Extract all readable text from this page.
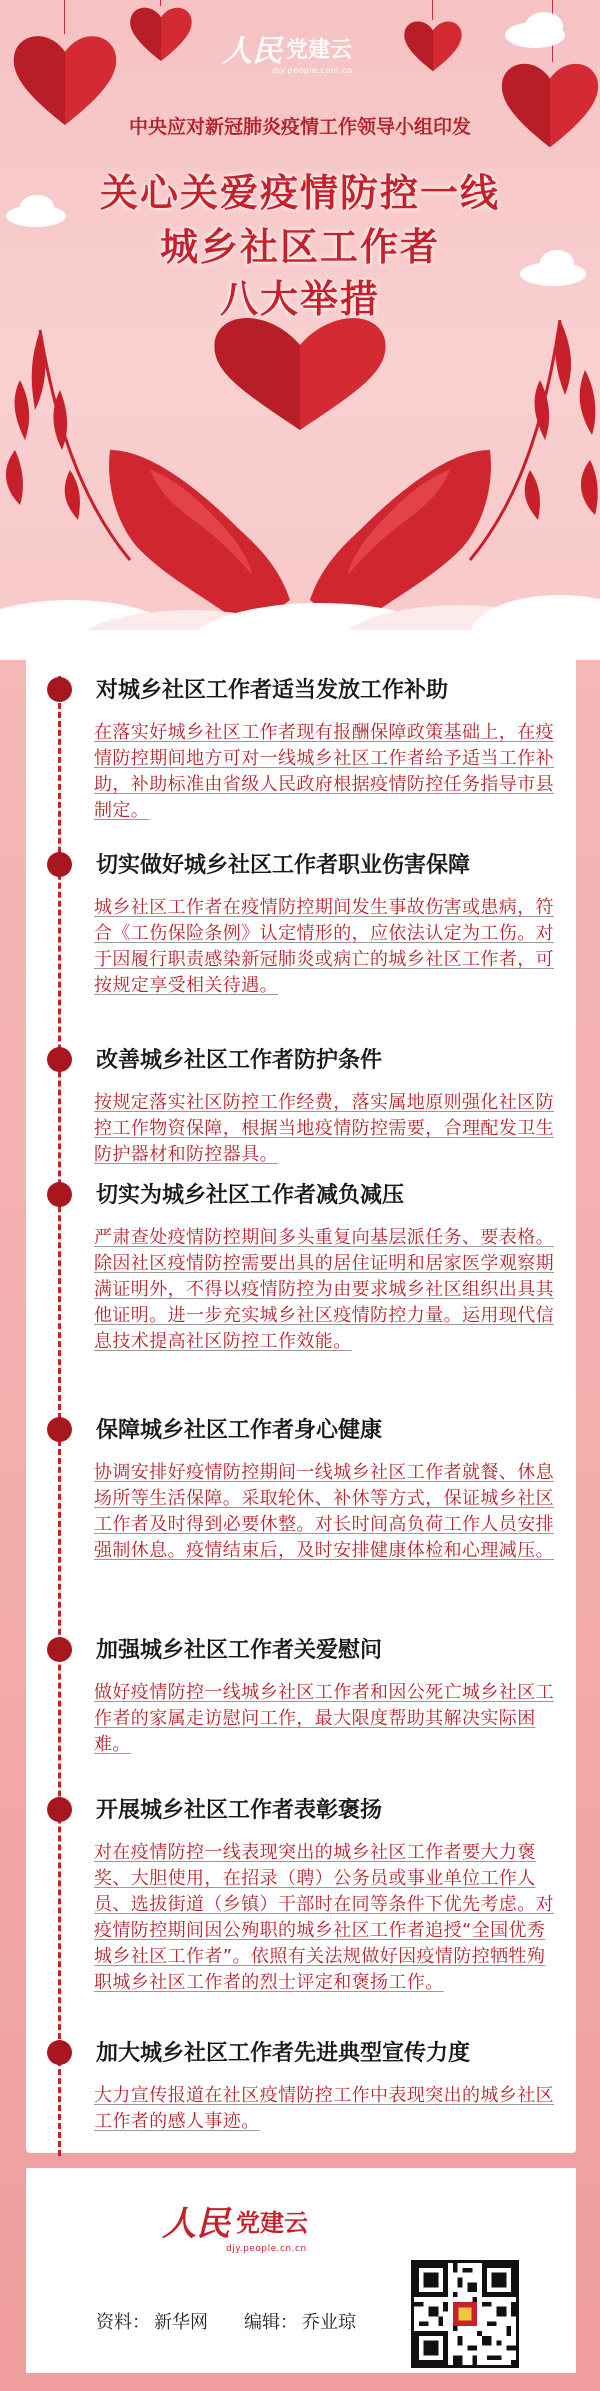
人民 党建云
djy.people.com.cn
中央应对新冠肺炎疫情工作领导小组印发
关心关爱疫情防控一线
城乡社区工作者
八大举措
对城乡社区工作者适当发放工作补助
在落实好城乡社区工作者现有报酬保障政策基础上，在疫情防控期间地方可对一线城乡社区工作者给予适当工作补助，补助标准由省级人民政府根据疫情防控任务指导市县制定。
切实做好城乡社区工作者职业伤害保障
城乡社区工作者在疫情防控期间发生事故伤害或患病，符合《工伤保险条例》认定情形的，应依法认定为工伤。对于因履行职责感染新冠肺炎或病亡的城乡社区工作者，可按规定享受相关待遇。
改善城乡社区工作者防护条件
按规定落实社区防控工作经费，落实属地原则强化社区防控工作物资保障，根据当地疫情防控需要，合理配发卫生防护器材和防控器具。
切实为城乡社区工作者减负减压
严肃查处疫情防控期间多头重复向基层派任务、要表格。除因社区疫情防控需要出具的居住证明和居家医学观察期满证明外，不得以疫情防控为由要求城乡社区组织出具其他证明。进一步充实城乡社区疫情防控力量。运用现代信息技术提高社区防控工作效能。
保障城乡社区工作者身心健康
协调安排好疫情防控期间一线城乡社区工作者就餐、休息场所等生活保障。采取轮休、补休等方式，保证城乡社区工作者及时得到必要休整。对长时间高负荷工作人员安排强制休息。疫情结束后，及时安排健康体检和心理减压。
加强城乡社区工作者关爱慰问
做好疫情防控一线城乡社区工作者和因公死亡城乡社区工作者的家属走访慰问工作，最大限度帮助其解决实际困难。
开展城乡社区工作者表彰褒扬
对在疫情防控一线表现突出的城乡社区工作者要大力褒奖、大胆使用，在招录（聘）公务员或事业单位工作人员、选拔街道（乡镇）干部时在同等条件下优先考虑。对疫情防控期间因公殉职的城乡社区工作者追授“全国优秀城乡社区工作者”。依照有关法规做好因疫情防控牺牲殉职城乡社区工作者的烈士评定和褒扬工作。
加大城乡社区工作者先进典型宣传力度
大力宣传报道在社区疫情防控工作中表现突出的城乡社区工作者的感人事迹。
人民 党建云
djy.people.cn.cn
资料： 新华网 编辑： 乔业琼
